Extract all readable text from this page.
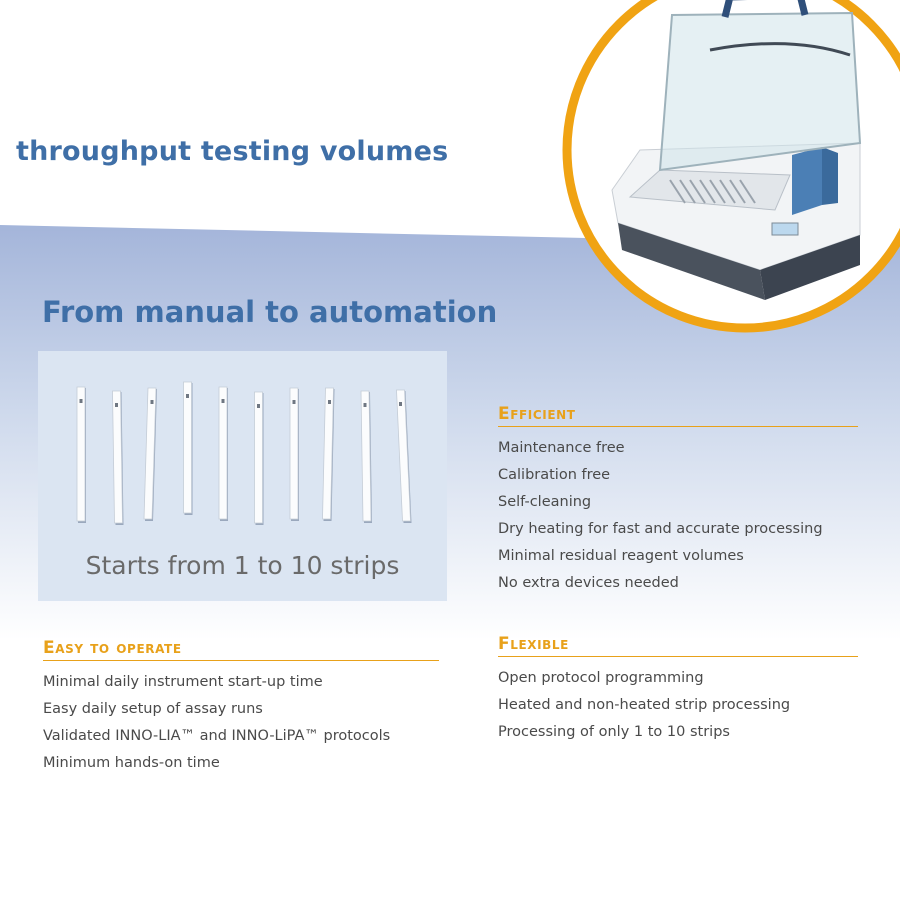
throughput testing volumes
From manual to automation
Starts from 1 to 10 strips
Efficient
Maintenance free
Calibration free
Self-cleaning
Dry heating for fast and accurate processing
Minimal residual reagent volumes
No extra devices needed
Easy to operate
Minimal daily instrument start-up time
Easy daily setup of assay runs
Validated INNO-LIA™ and INNO-LiPA™ protocols
Minimum hands-on time
Flexible
Open protocol programming
Heated and non-heated strip processing
Processing of only 1 to 10 strips
